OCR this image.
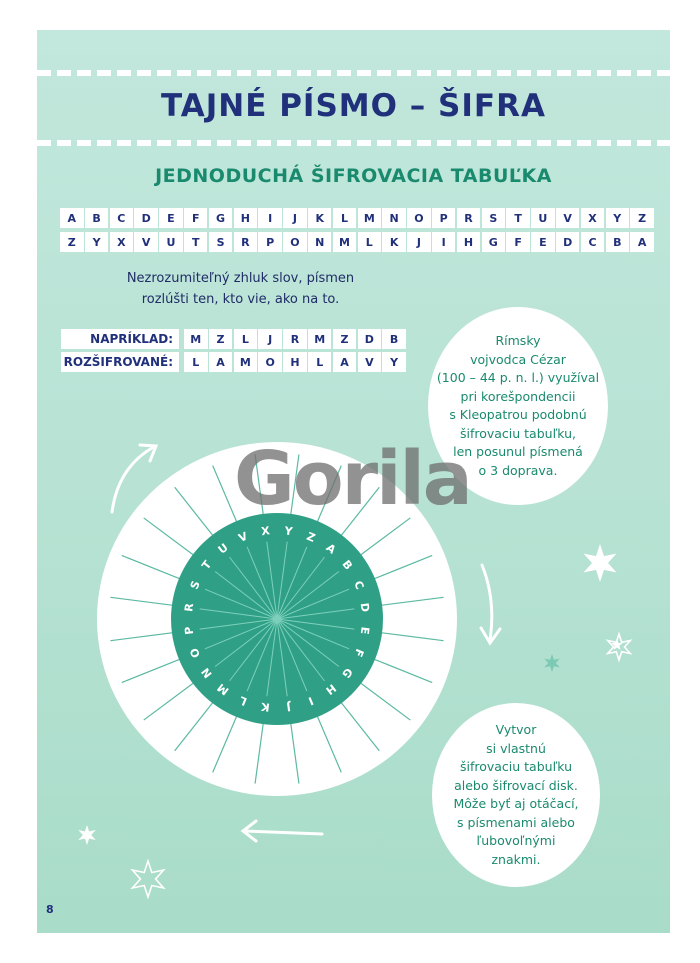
TAJNÉ PÍSMO – ŠIFRA
JEDNODUCHÁ ŠIFROVACIA TABUĽKA
A	B	C	D	E	F	G	H	I	J	K	L	M	N	O	P	R	S	T	U	V	X	Y	Z
Z	Y	X	V	U	T	S	R	P	O	N	M	L	K	J	I	H	G	F	E	D	C	B	A
Nezrozumiteľný zhluk slov, písmen
rozlúšti ten, kto vie, ako na to.
NAPRÍKLAD:
ROZŠIFROVANÉ:
M	Z	L	J	R	M	Z	D	B
L	A	M	O	H	L	A	V	Y
A
B
C
D
E
F
G
H
I
J
K
L
M
N
O
P
R
S
T
U
V X Y Z
Rímsky
vojvodca Cézar
(100 – 44 p. n. l.) využíval
pri korešpondencii
s Kleopatrou podobnú
šifrovaciu tabuľku,
len posunul písmená
o 3 doprava.
Vytvor
si vlastnú
šifrovaciu tabuľku
alebo šifrovací disk.
Môže byť aj otáčací,
s písmenami alebo
ľubovoľnými
znakmi.
Gorila
8
